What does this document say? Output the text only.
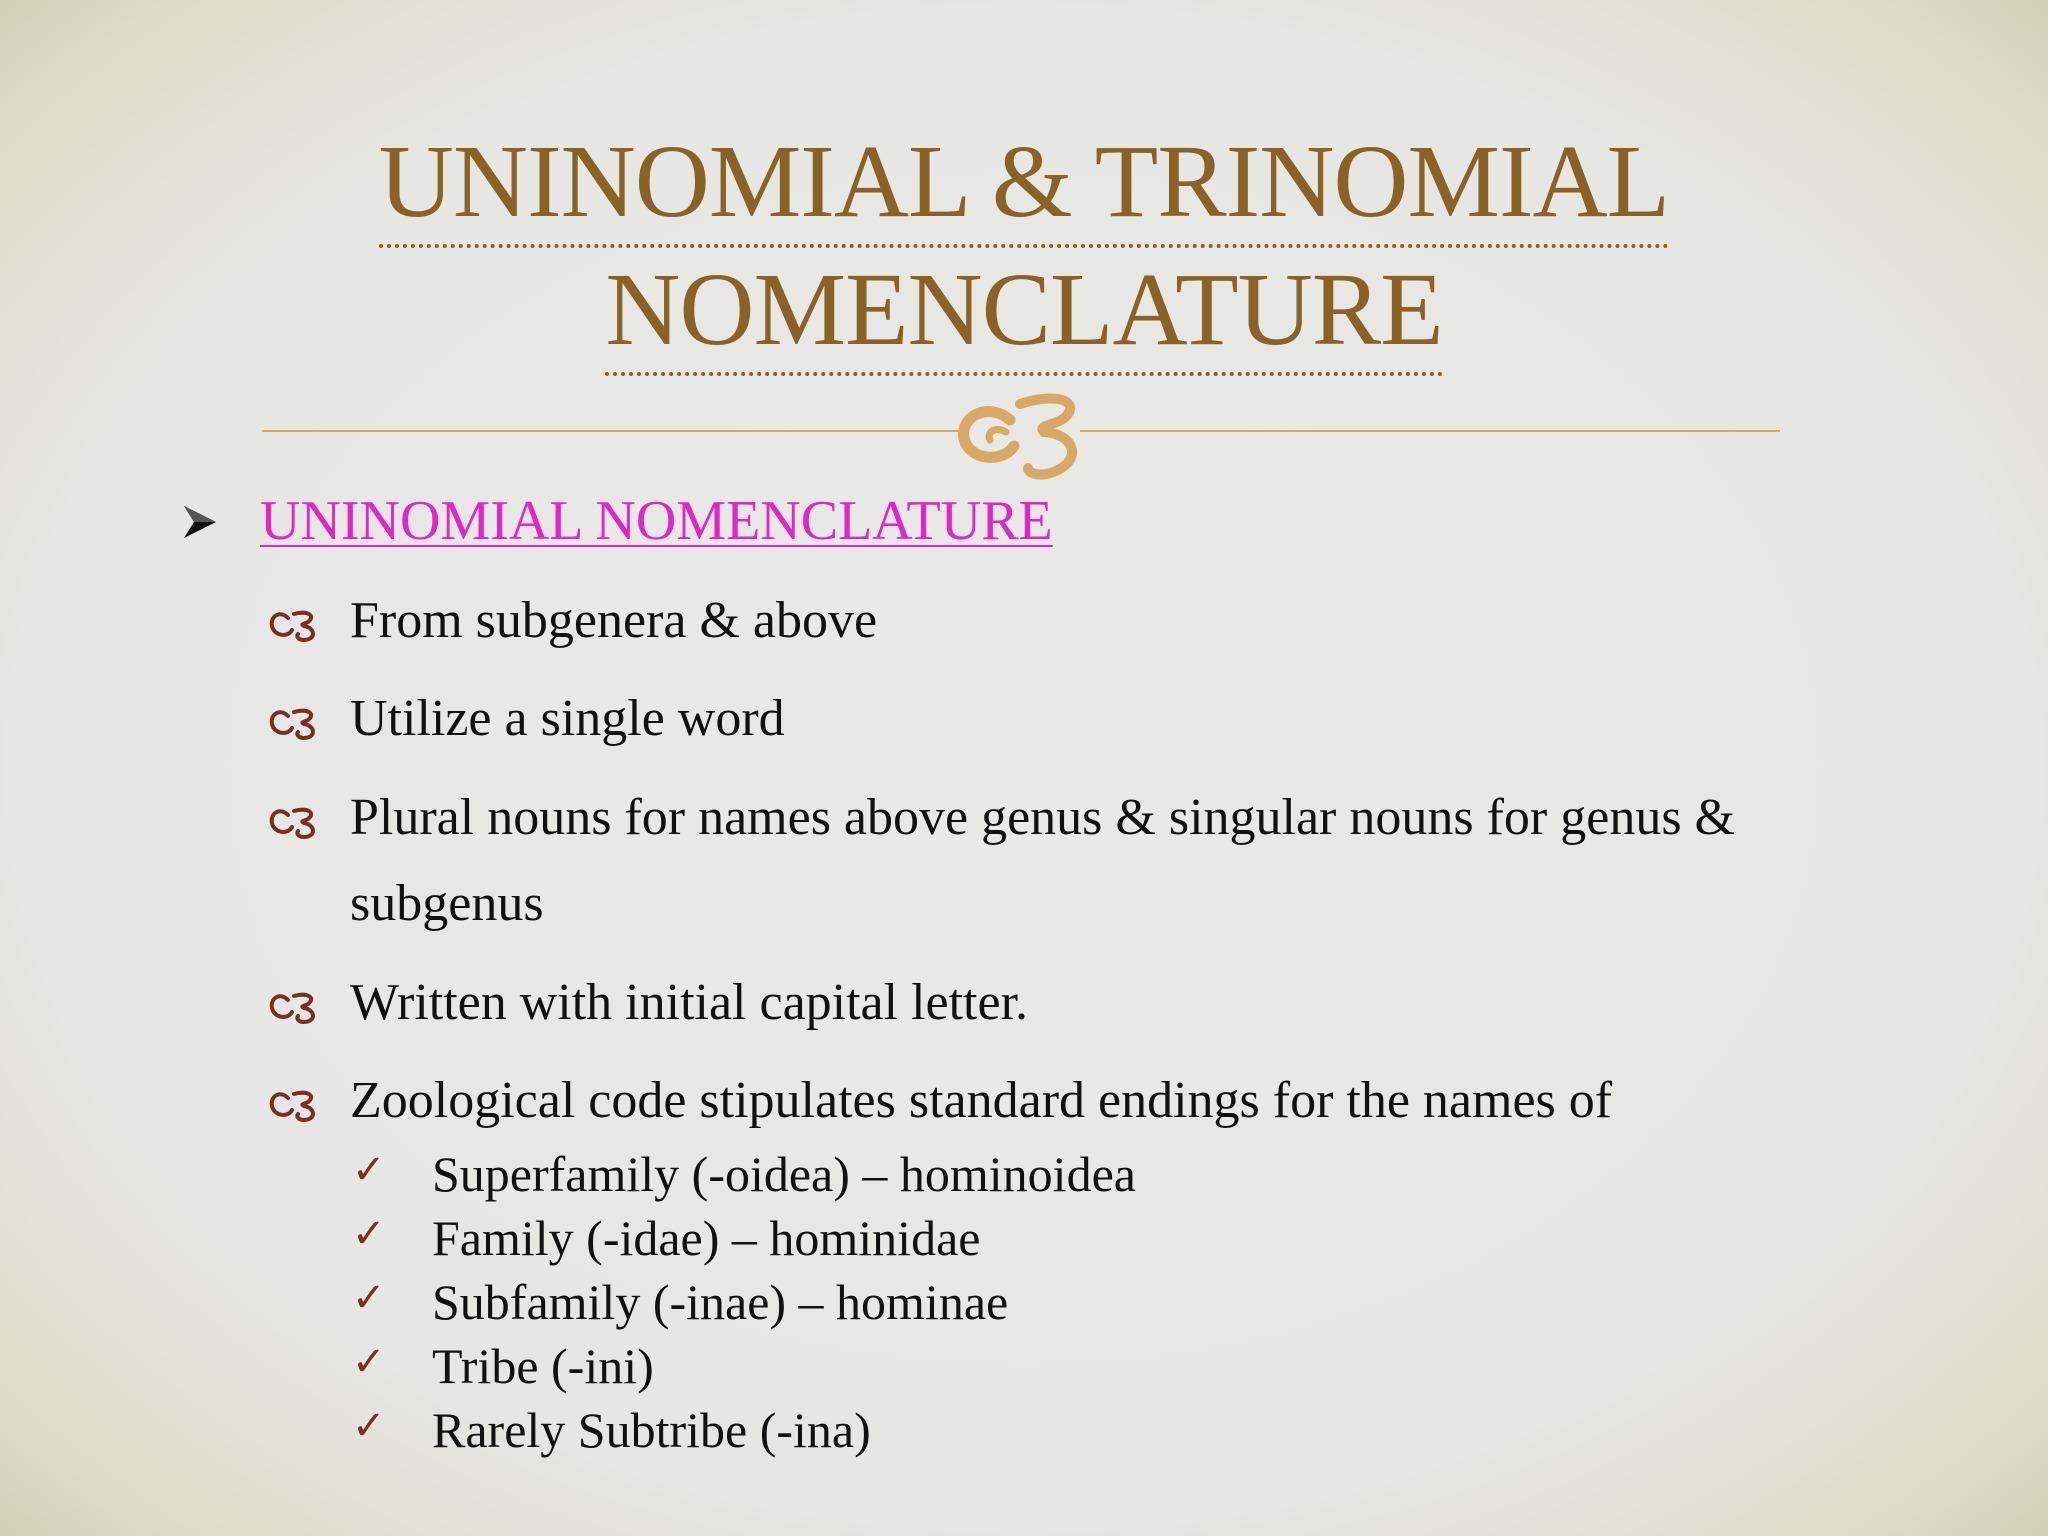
UNINOMIAL & TRINOMIAL
NOMENCLATURE
UNINOMIAL NOMENCLATURE
From subgenera & above
Utilize a single word
Plural nouns for names above genus & singular nouns for genus & subgenus
Written with initial capital letter.
Zoological code stipulates standard endings for the names of
✓ Superfamily (-oidea) – hominoidea
✓ Family (-idae) – hominidae
✓ Subfamily (-inae) – hominae
✓ Tribe (-ini)
✓ Rarely Subtribe (-ina)
